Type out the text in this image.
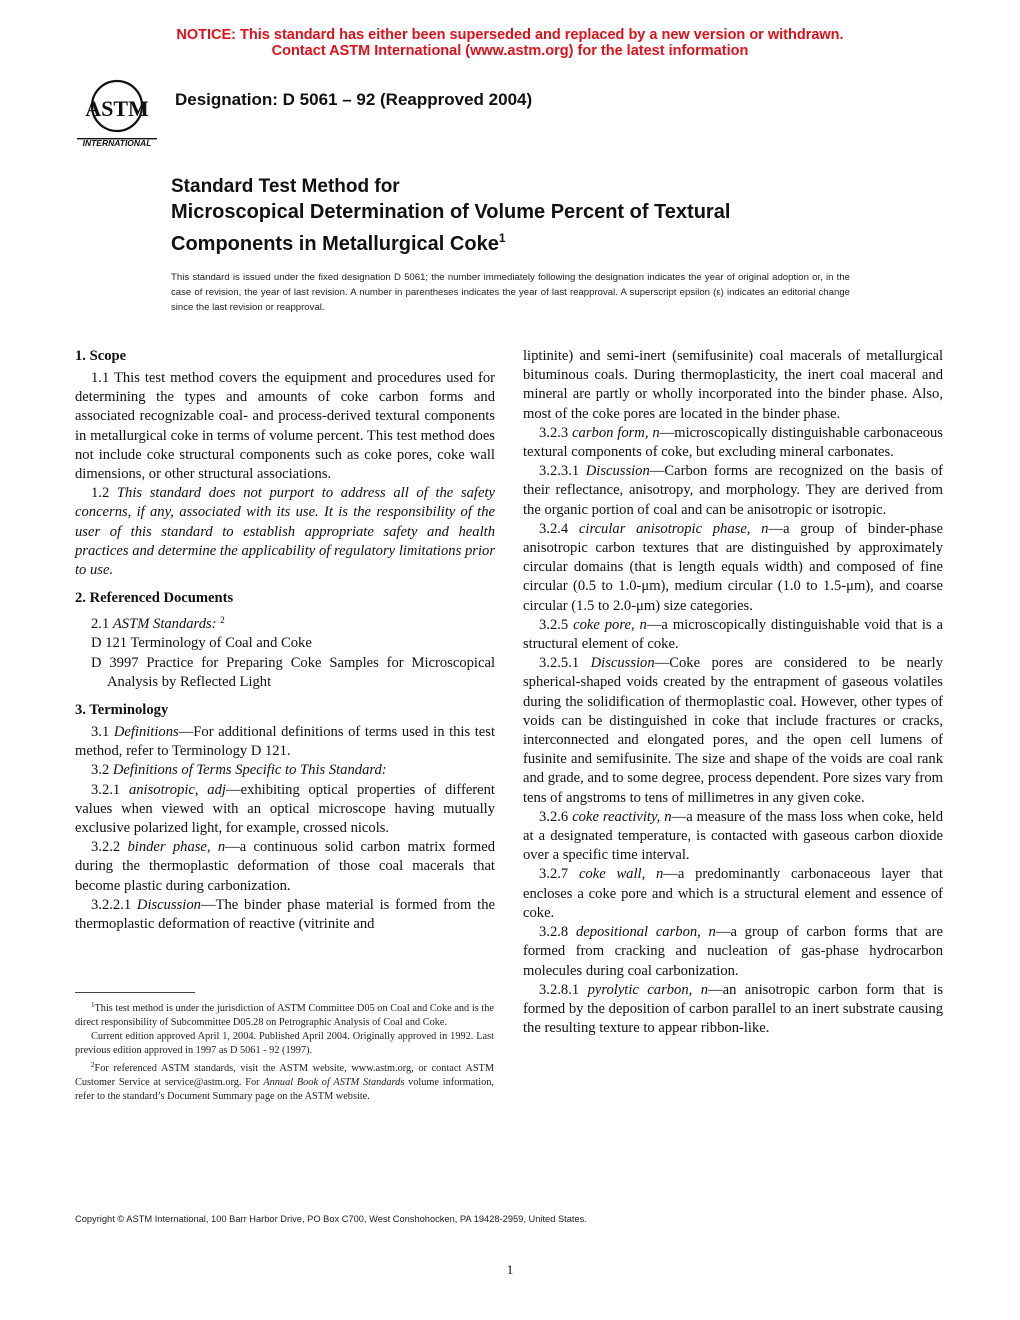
NOTICE: This standard has either been superseded and replaced by a new version or withdrawn.
Contact ASTM International (www.astm.org) for the latest information
ASTM
INTERNATIONAL
Designation: D 5061 – 92 (Reapproved 2004)
Standard Test Method for
Microscopical Determination of Volume Percent of Textural
Components in Metallurgical Coke$^1$
This standard is issued under the fixed designation D 5061; the number immediately following the designation indicates the year of original adoption or, in the case of revision, the year of last revision. A number in parentheses indicates the year of last reapproval. A superscript epsilon (ε) indicates an editorial change since the last revision or reapproval.
1. Scope

1.1 This test method covers the equipment and procedures used for determining the types and amounts of coke carbon forms and associated recognizable coal- and process-derived textural components in metallurgical coke in terms of volume percent. This test method does not include coke structural components such as coke pores, coke wall dimensions, or other structural associations.

1.2 This standard does not purport to address all of the safety concerns, if any, associated with its use. It is the responsibility of the user of this standard to establish appropriate safety and health practices and determine the applicability of regulatory limitations prior to use.

2. Referenced Documents

2.1 ASTM Standards: $^2$

D 121 Terminology of Coal and Coke

D 3997 Practice for Preparing Coke Samples for Microscopical Analysis by Reflected Light

3. Terminology

3.1 Definitions—For additional definitions of terms used in this test method, refer to Terminology D 121.

3.2 Definitions of Terms Specific to This Standard:

3.2.1 anisotropic, adj—exhibiting optical properties of different values when viewed with an optical microscope having mutually exclusive polarized light, for example, crossed nicols.

3.2.2 binder phase, n—a continuous solid carbon matrix formed during the thermoplastic deformation of those coal macerals that become plastic during carbonization.

3.2.2.1 Discussion—The binder phase material is formed from the thermoplastic deformation of reactive (vitrinite and

$^1$This test method is under the jurisdiction of ASTM Committee D05 on Coal and Coke and is the direct responsibility of Subcommittee D05.28 on Petrographic Analysis of Coal and Coke.

Current edition approved April 1, 2004. Published April 2004. Originally approved in 1992. Last previous edition approved in 1997 as D 5061 - 92 (1997).

$^2$For referenced ASTM standards, visit the ASTM website, www.astm.org, or contact ASTM Customer Service at service@astm.org. For Annual Book of ASTM Standards volume information, refer to the standard’s Document Summary page on the ASTM website.

liptinite) and semi-inert (semifusinite) coal macerals of metallurgical bituminous coals. During thermoplasticity, the inert coal maceral and mineral are partly or wholly incorporated into the binder phase. Also, most of the coke pores are located in the binder phase.

3.2.3 carbon form, n—microscopically distinguishable carbonaceous textural components of coke, but excluding mineral carbonates.

3.2.3.1 Discussion—Carbon forms are recognized on the basis of their reflectance, anisotropy, and morphology. They are derived from the organic portion of coal and can be anisotropic or isotropic.

3.2.4 circular anisotropic phase, n—a group of binder-phase anisotropic carbon textures that are distinguished by approximately circular domains (that is length equals width) and composed of fine circular (0.5 to 1.0-μm), medium circular (1.0 to 1.5-μm), and coarse circular (1.5 to 2.0-μm) size categories.

3.2.5 coke pore, n—a microscopically distinguishable void that is a structural element of coke.

3.2.5.1 Discussion—Coke pores are considered to be nearly spherical-shaped voids created by the entrapment of gaseous volatiles during the solidification of thermoplastic coal. However, other types of voids can be distinguished in coke that include fractures or cracks, interconnected and elongated pores, and the open cell lumens of fusinite and semifusinite. The size and shape of the voids are coal rank and grade, and to some degree, process dependent. Pore sizes vary from tens of angstroms to tens of millimetres in any given coke.

3.2.6 coke reactivity, n—a measure of the mass loss when coke, held at a designated temperature, is contacted with gaseous carbon dioxide over a specific time interval.

3.2.7 coke wall, n—a predominantly carbonaceous layer that encloses a coke pore and which is a structural element and essence of coke.

3.2.8 depositional carbon, n—a group of carbon forms that are formed from cracking and nucleation of gas-phase hydrocarbon molecules during coal carbonization.

3.2.8.1 pyrolytic carbon, n—an anisotropic carbon form that is formed by the deposition of carbon parallel to an inert substrate causing the resulting texture to appear ribbon-like.

Copyright © ASTM International, 100 Barr Harbor Drive, PO Box C700, West Conshohocken, PA 19428-2959, United States.
1
